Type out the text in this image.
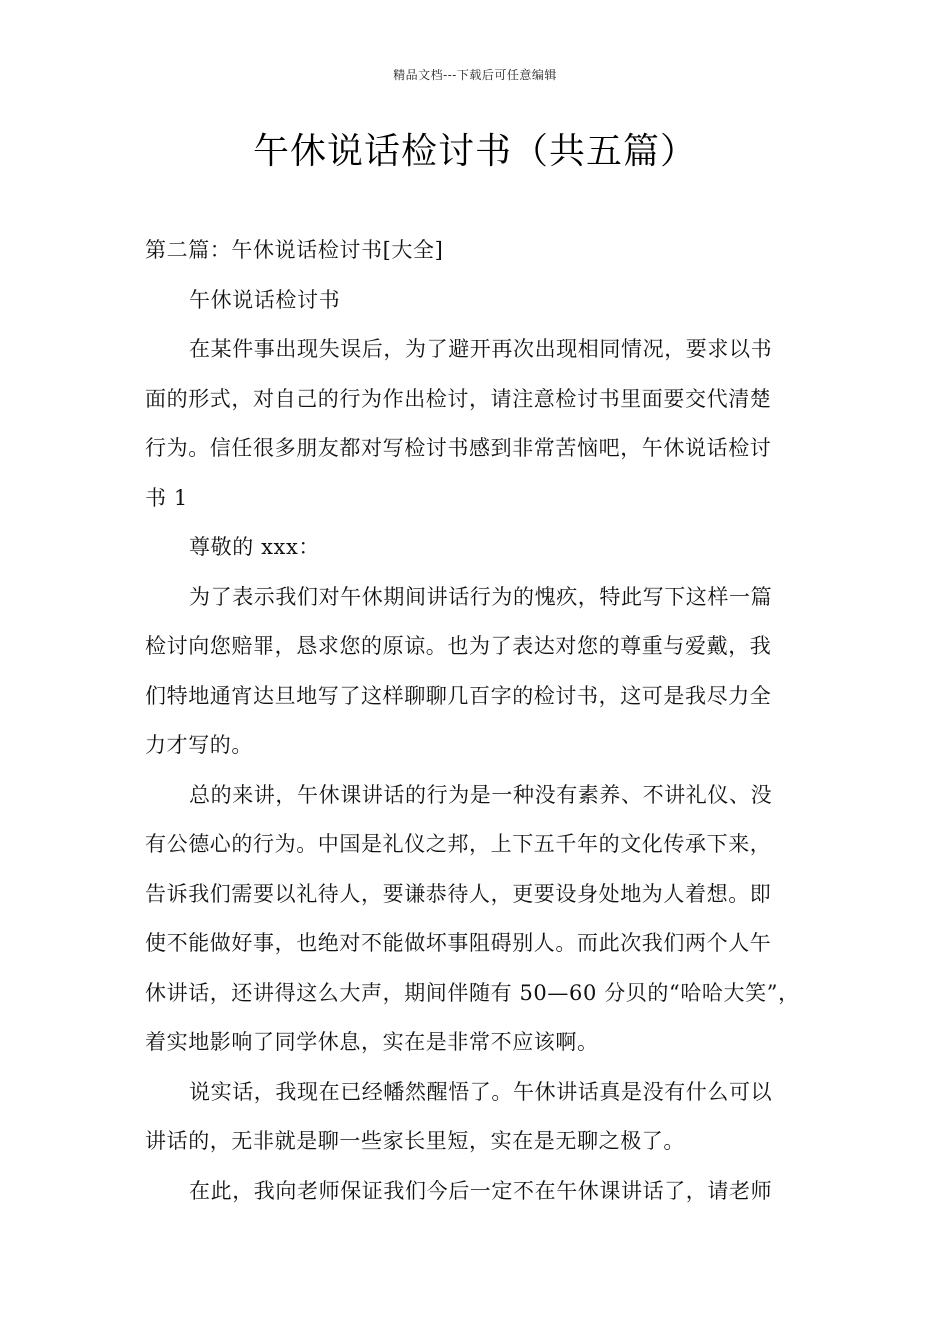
精品文档---下载后可任意编辑
午休说话检讨书（共五篇）
第二篇：午休说话检讨书[大全]
午休说话检讨书
在某件事出现失误后，为了避开再次出现相同情况，要求以书
面的形式，对自己的行为作出检讨，请注意检讨书里面要交代清楚
行为。信任很多朋友都对写检讨书感到非常苦恼吧，午休说话检讨
书 1
尊敬的 xxx：
为了表示我们对午休期间讲话行为的愧疚，特此写下这样一篇
检讨向您赔罪，恳求您的原谅。也为了表达对您的尊重与爱戴，我
们特地通宵达旦地写了这样聊聊几百字的检讨书，这可是我尽力全
力才写的。
总的来讲，午休课讲话的行为是一种没有素养、不讲礼仪、没
有公德心的行为。中国是礼仪之邦，上下五千年的文化传承下来，
告诉我们需要以礼待人，要谦恭待人，更要设身处地为人着想。即
使不能做好事，也绝对不能做坏事阻碍别人。而此次我们两个人午
休讲话，还讲得这么大声，期间伴随有 50—60 分贝的“哈哈大笑”，
着实地影响了同学休息，实在是非常不应该啊。
说实话，我现在已经幡然醒悟了。午休讲话真是没有什么可以
讲话的，无非就是聊一些家长里短，实在是无聊之极了。
在此，我向老师保证我们今后一定不在午休课讲话了，请老师
